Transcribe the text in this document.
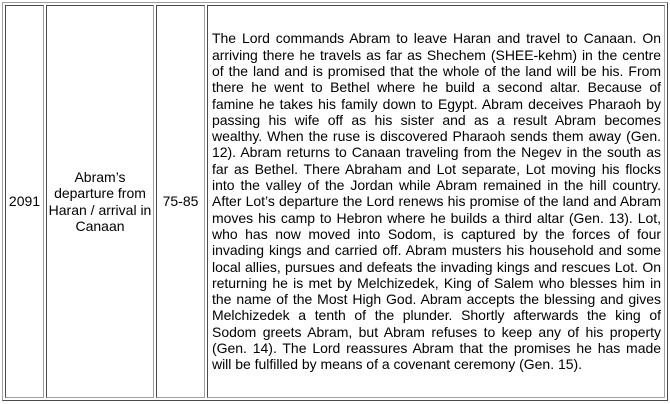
2091	Abram’s departure from Haran / arrival in Canaan	75-85	The Lord commands Abram to leave Haran and travel to Canaan. On arriving there he travels as far as Shechem (SHEE-kehm) in the centre of the land and is promised that the whole of the land will be his. From there he went to Bethel where he build a second altar. Because of famine he takes his family down to Egypt. Abram deceives Pharaoh by passing his wife off as his sister and as a result Abram becomes wealthy. When the ruse is discovered Pharaoh sends them away (Gen. 12). Abram returns to Canaan traveling from the Negev in the south as far as Bethel. There Abraham and Lot separate, Lot moving his flocks into the valley of the Jordan while Abram remained in the hill country. After Lot’s departure the Lord renews his promise of the land and Abram moves his camp to Hebron where he builds a third altar (Gen. 13). Lot, who has now moved into Sodom, is captured by the forces of four invading kings and carried off. Abram musters his household and some local allies, pursues and defeats the invading kings and rescues Lot. On returning he is met by Melchizedek, King of Salem who blesses him in the name of the Most High God. Abram accepts the blessing and gives Melchizedek a tenth of the plunder. Shortly afterwards the king of Sodom greets Abram, but Abram refuses to keep any of his property (Gen. 14). The Lord reassures Abram that the promises he has made will be fulfilled by means of a covenant ceremony (Gen. 15).
